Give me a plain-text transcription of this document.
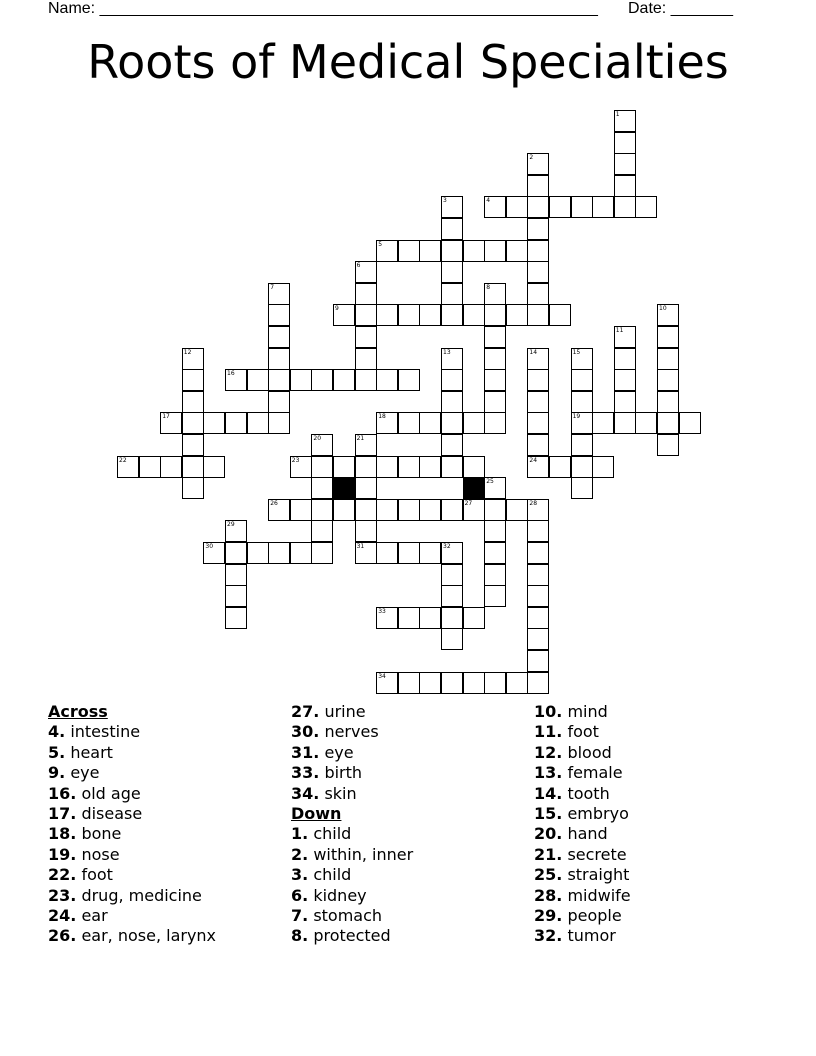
Name: ________________________________________________________ Date: _______
Roots of Medical Specialties
4
5
9
16
17	18	19
22	23	24
26	27	28
30	31
33
34
1
2
3
6
7	8
10
11
12	13	14	15
20	21
25
29
32
Across
4. intestine
5. heart
9. eye
16. old age
17. disease
18. bone
19. nose
22. foot
23. drug, medicine
24. ear
26. ear, nose, larynx
27. urine
30. nerves
31. eye
33. birth
34. skin
Down
1. child
2. within, inner
3. child
6. kidney
7. stomach
8. protected
10. mind
11. foot
12. blood
13. female
14. tooth
15. embryo
20. hand
21. secrete
25. straight
28. midwife
29. people
32. tumor
